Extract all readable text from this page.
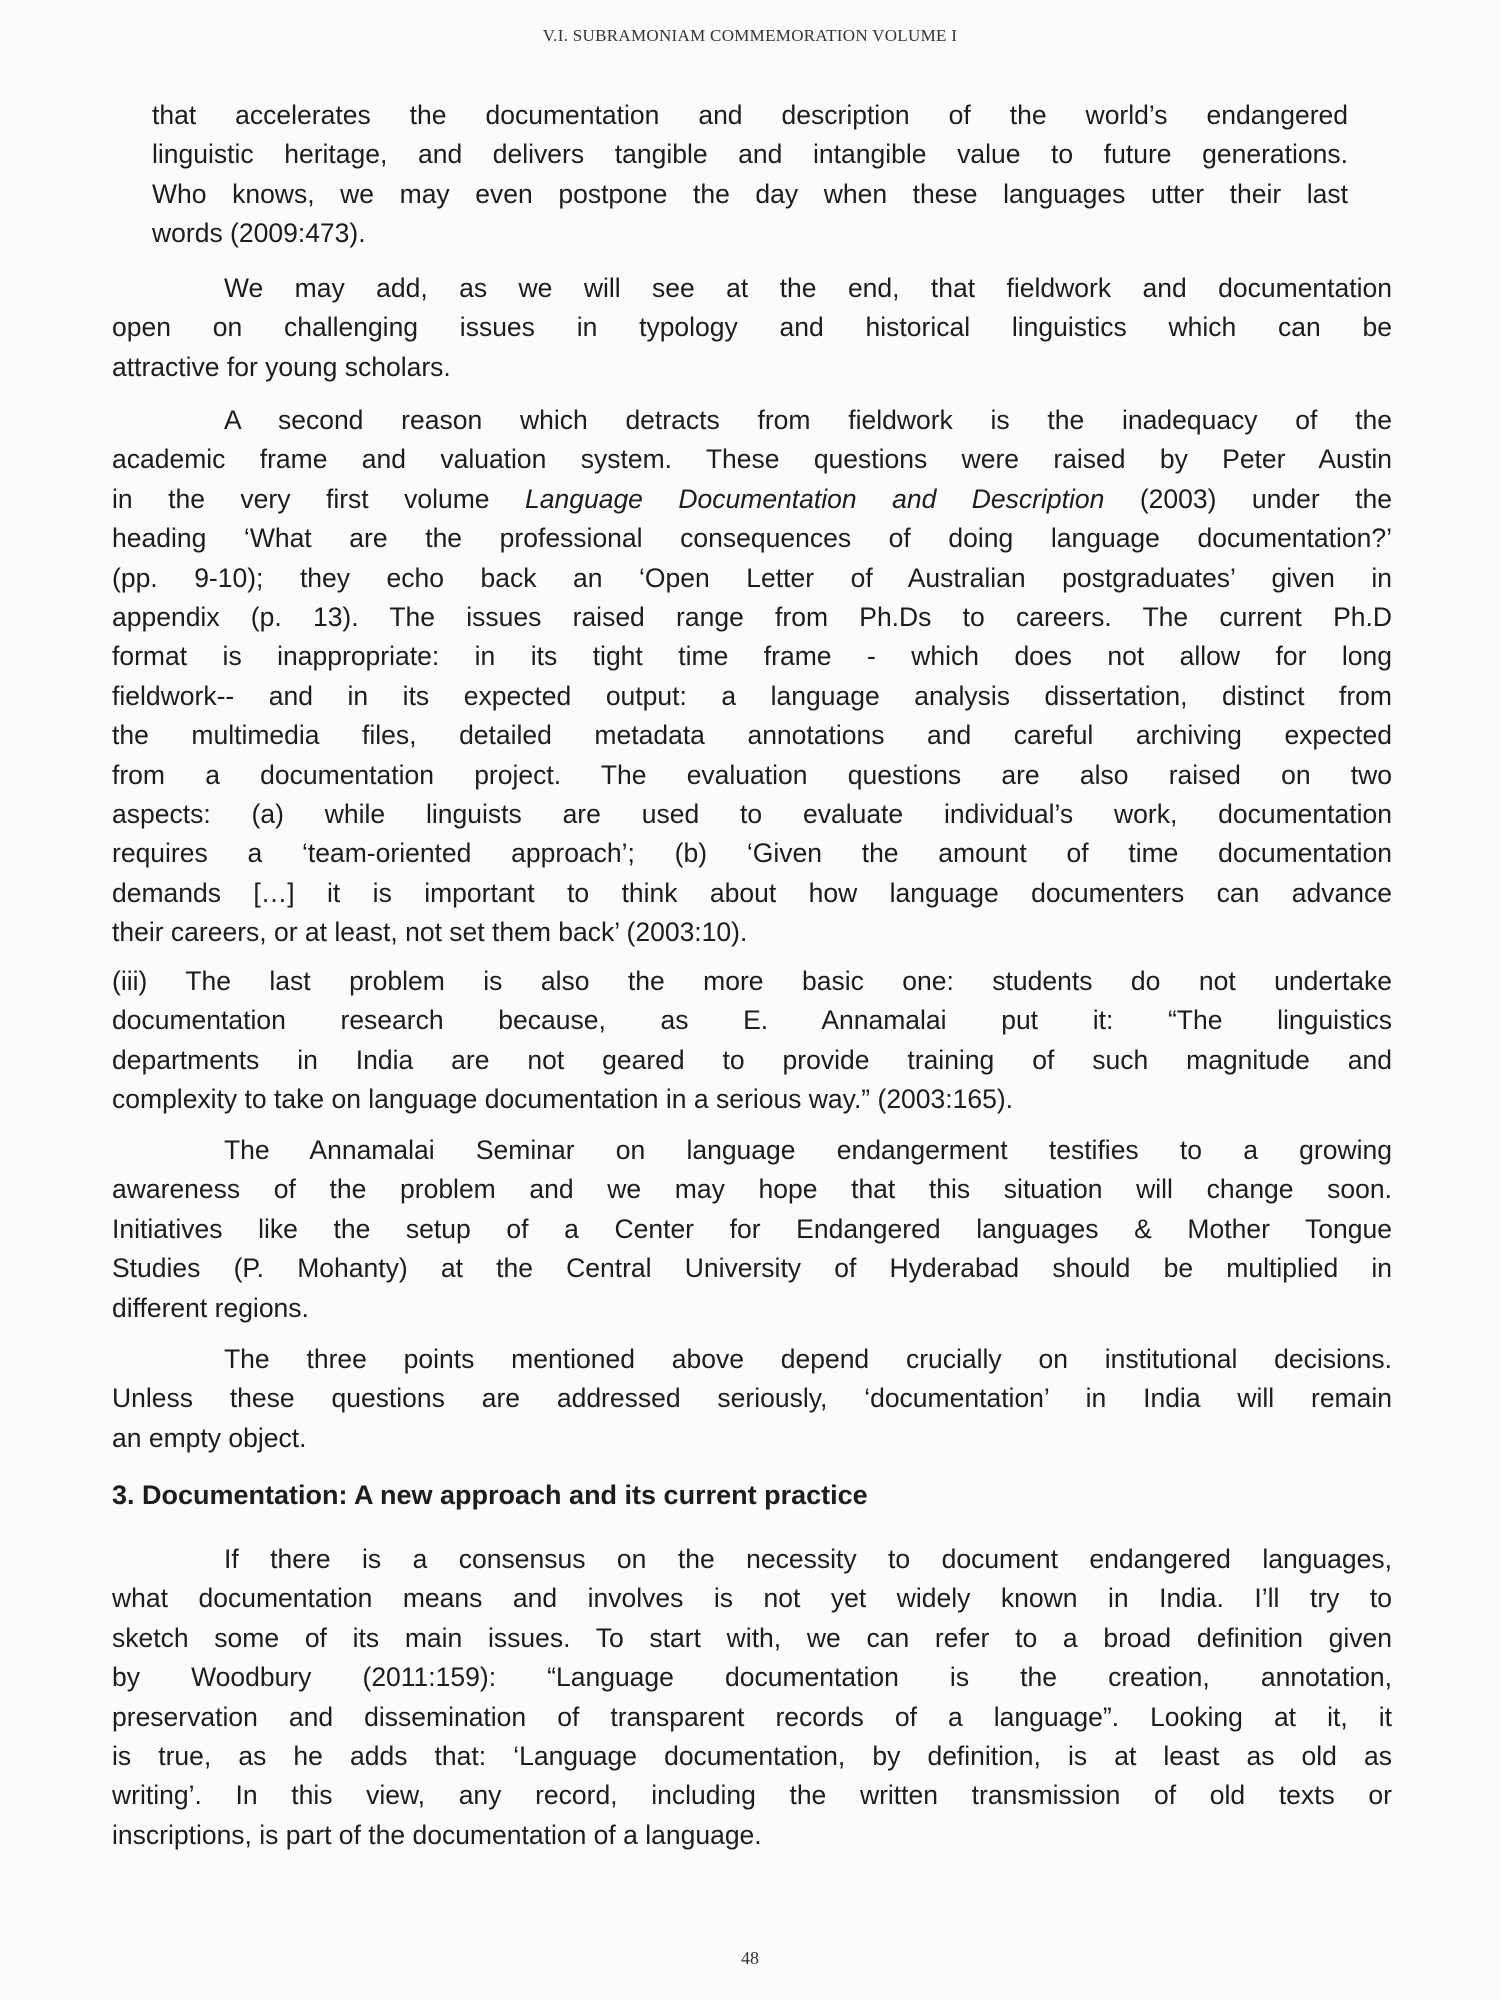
V.I. SUBRAMONIAM COMMEMORATION VOLUME I
that accelerates the documentation and description of the world’s endangered
linguistic heritage, and delivers tangible and intangible value to future generations.
Who knows, we may even postpone the day when these languages utter their last
words (2009:473).
We may add, as we will see at the end, that fieldwork and documentation
open on challenging issues in typology and historical linguistics which can be
attractive for young scholars.
A second reason which detracts from fieldwork is the inadequacy of the
academic frame and valuation system. These questions were raised by Peter Austin
in the very first volume Language Documentation and Description (2003) under the
heading ‘What are the professional consequences of doing language documentation?’
(pp. 9-10); they echo back an ‘Open Letter of Australian postgraduates’ given in
appendix (p. 13). The issues raised range from Ph.Ds to careers. The current Ph.D
format is inappropriate: in its tight time frame - which does not allow for long
fieldwork-- and in its expected output: a language analysis dissertation, distinct from
the multimedia files, detailed metadata annotations and careful archiving expected
from a documentation project. The evaluation questions are also raised on two
aspects: (a) while linguists are used to evaluate individual’s work, documentation
requires a ‘team-oriented approach’; (b) ‘Given the amount of time documentation
demands […] it is important to think about how language documenters can advance
their careers, or at least, not set them back’ (2003:10).
(iii) The last problem is also the more basic one: students do not undertake
documentation research because, as E. Annamalai put it: “The linguistics
departments in India are not geared to provide training of such magnitude and
complexity to take on language documentation in a serious way.” (2003:165).
The Annamalai Seminar on language endangerment testifies to a growing
awareness of the problem and we may hope that this situation will change soon.
Initiatives like the setup of a Center for Endangered languages & Mother Tongue
Studies (P. Mohanty) at the Central University of Hyderabad should be multiplied in
different regions.
The three points mentioned above depend crucially on institutional decisions.
Unless these questions are addressed seriously, ‘documentation’ in India will remain
an empty object.
3. Documentation: A new approach and its current practice
If there is a consensus on the necessity to document endangered languages,
what documentation means and involves is not yet widely known in India. I’ll try to
sketch some of its main issues. To start with, we can refer to a broad definition given
by Woodbury (2011:159): “Language documentation is the creation, annotation,
preservation and dissemination of transparent records of a language”. Looking at it, it
is true, as he adds that: ‘Language documentation, by definition, is at least as old as
writing’. In this view, any record, including the written transmission of old texts or
inscriptions, is part of the documentation of a language.
48
